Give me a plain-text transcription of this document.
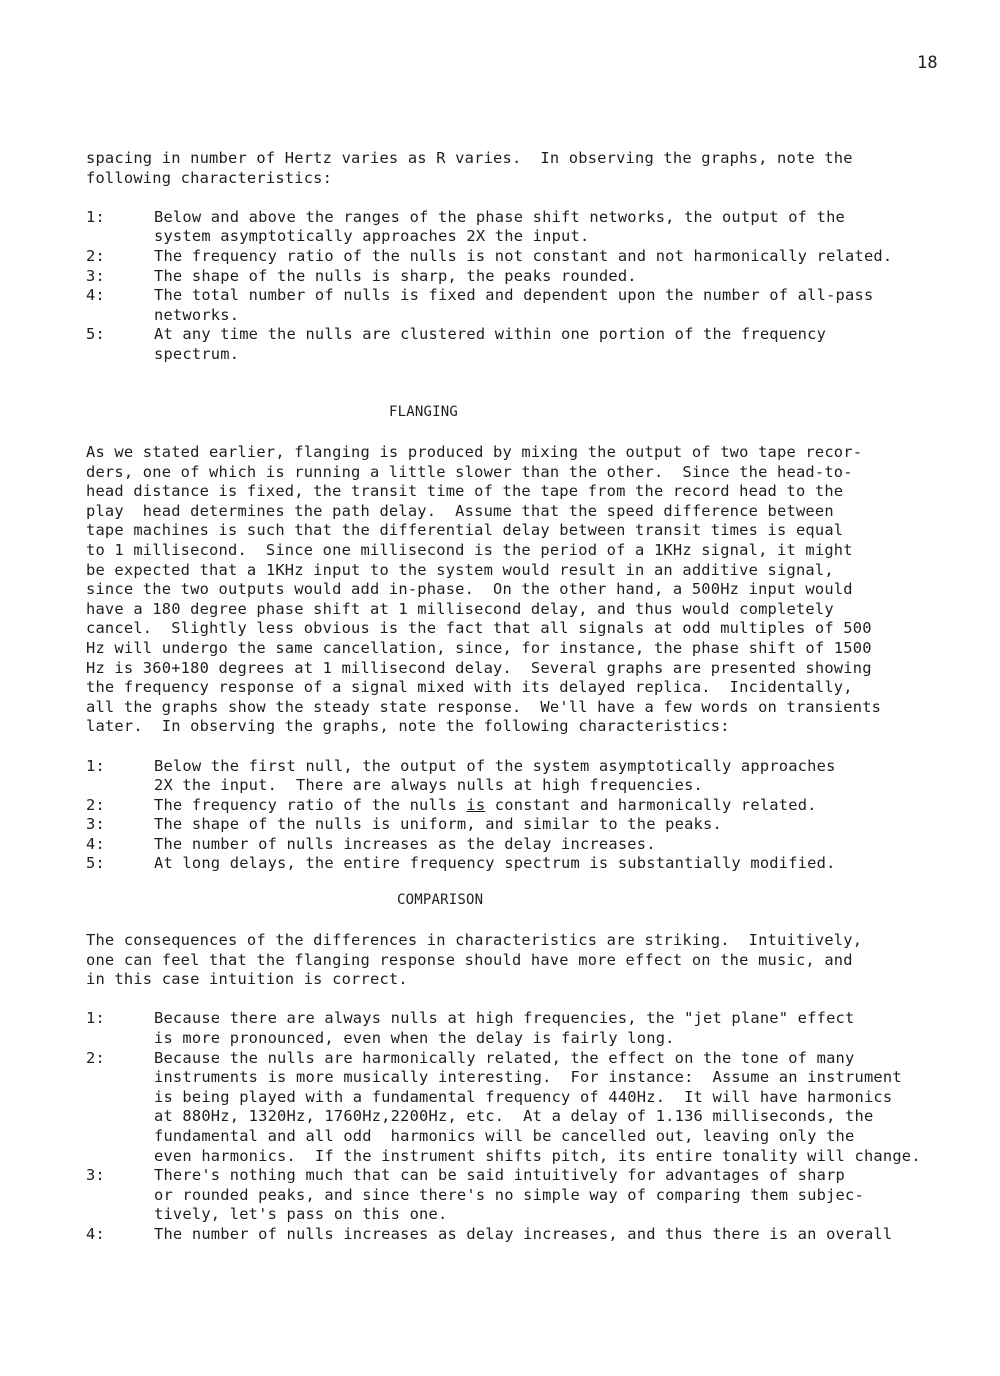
18
spacing in number of Hertz varies as R varies.  In observing the graphs, note the
following characteristics:
1:	Below and above the ranges of the phase shift networks, the output of the
system asymptotically approaches 2X the input.
2:	The frequency ratio of the nulls is not constant and not harmonically related.
3:	The shape of the nulls is sharp, the peaks rounded.
4:	The total number of nulls is fixed and dependent upon the number of all-pass
networks.
5:	At any time the nulls are clustered within one portion of the frequency
spectrum.
FLANGING
As we stated earlier, flanging is produced by mixing the output of two tape recor-
ders, one of which is running a little slower than the other.  Since the head-to-
head distance is fixed, the transit time of the tape from the record head to the
play  head determines the path delay.  Assume that the speed difference between
tape machines is such that the differential delay between transit times is equal
to 1 millisecond.  Since one millisecond is the period of a 1KHz signal, it might
be expected that a 1KHz input to the system would result in an additive signal,
since the two outputs would add in-phase.  On the other hand, a 500Hz input would
have a 180 degree phase shift at 1 millisecond delay, and thus would completely
cancel.  Slightly less obvious is the fact that all signals at odd multiples of 500
Hz will undergo the same cancellation, since, for instance, the phase shift of 1500
Hz is 360+180 degrees at 1 millisecond delay.  Several graphs are presented showing
the frequency response of a signal mixed with its delayed replica.  Incidentally,
all the graphs show the steady state response.  We'll have a few words on transients
later.  In observing the graphs, note the following characteristics:
1:	Below the first null, the output of the system asymptotically approaches
2X the input.  There are always nulls at high frequencies.
2:	The frequency ratio of the nulls is constant and harmonically related.
3:	The shape of the nulls is uniform, and similar to the peaks.
4:	The number of nulls increases as the delay increases.
5:	At long delays, the entire frequency spectrum is substantially modified.
COMPARISON
The consequences of the differences in characteristics are striking.  Intuitively,
one can feel that the flanging response should have more effect on the music, and
in this case intuition is correct.
1:	Because there are always nulls at high frequencies, the "jet plane" effect
is more pronounced, even when the delay is fairly long.
2:	Because the nulls are harmonically related, the effect on the tone of many
instruments is more musically interesting.  For instance:  Assume an instrument
is being played with a fundamental frequency of 440Hz.  It will have harmonics
at 880Hz, 1320Hz, 1760Hz,2200Hz, etc.  At a delay of 1.136 milliseconds, the
fundamental and all odd  harmonics will be cancelled out, leaving only the
even harmonics.  If the instrument shifts pitch, its entire tonality will change.
3:	There's nothing much that can be said intuitively for advantages of sharp
or rounded peaks, and since there's no simple way of comparing them subjec-
tively, let's pass on this one.
4:	The number of nulls increases as delay increases, and thus there is an overall
